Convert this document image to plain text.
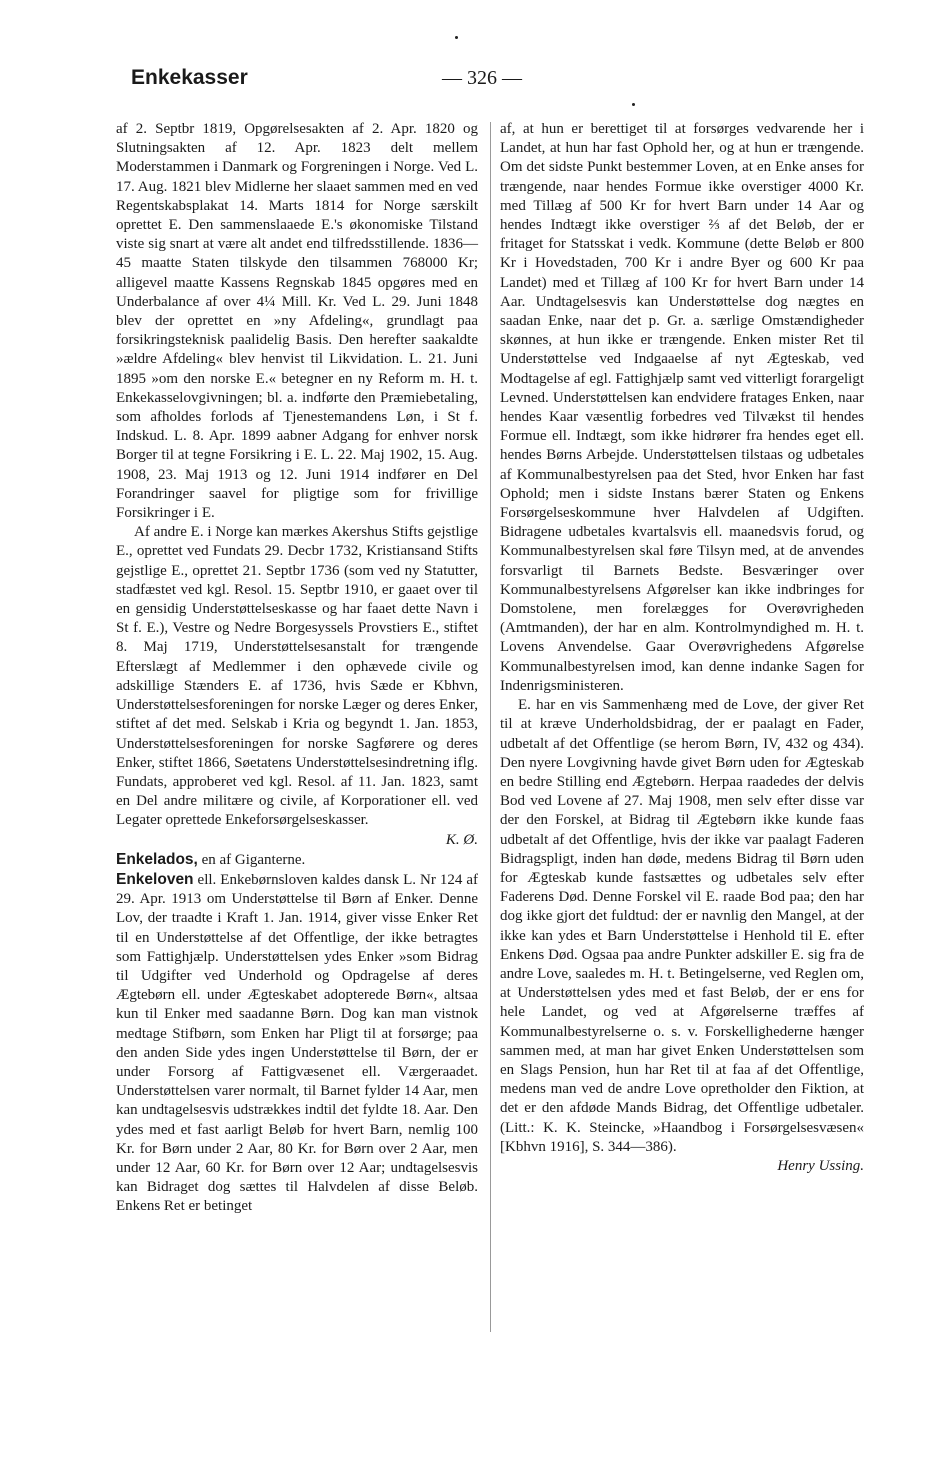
Enkekasser	— 326 —

af 2. Septbr 1819, Opgørelsesakten af 2. Apr. 1820 og Slutningsakten af 12. Apr. 1823 delt mellem Moderstammen i Danmark og Forgreningen i Norge. Ved L. 17. Aug. 1821 blev Midlerne her slaaet sammen med en ved Regentskabsplakat 14. Marts 1814 for Norge særskilt oprettet E. Den sammenslaaede E.'s økonomiske Tilstand viste sig snart at være alt andet end tilfredsstillende. 1836—45 maatte Staten tilskyde den tilsammen 768000 Kr; alligevel maatte Kassens Regnskab 1845 opgøres med en Underbalance af over 4¼ Mill. Kr. Ved L. 29. Juni 1848 blev der oprettet en »ny Afdeling«, grundlagt paa forsikringsteknisk paalidelig Basis. Den herefter saakaldte »ældre Afdeling« blev henvist til Likvidation. L. 21. Juni 1895 »om den norske E.« betegner en ny Reform m. H. t. Enkekasselovgivningen; bl. a. indførte den Præmiebetaling, som afholdes forlods af Tjenestemandens Løn, i St f. Indskud. L. 8. Apr. 1899 aabner Adgang for enhver norsk Borger til at tegne Forsikring i E. L. 22. Maj 1902, 15. Aug. 1908, 23. Maj 1913 og 12. Juni 1914 indfører en Del Forandringer saavel for pligtige som for frivillige Forsikringer i E.

Af andre E. i Norge kan mærkes Akershus Stifts gejstlige E., oprettet ved Fundats 29. Decbr 1732, Kristiansand Stifts gejstlige E., oprettet 21. Septbr 1736 (som ved ny Statutter, stadfæstet ved kgl. Resol. 15. Septbr 1910, er gaaet over til en gensidig Understøttelseskasse og har faaet dette Navn i St f. E.), Vestre og Nedre Borgesyssels Provstiers E., stiftet 8. Maj 1719, Understøttelsesanstalt for trængende Efterslægt af Medlemmer i den ophævede civile og adskillige Stænders E. af 1736, hvis Sæde er Kbhvn, Understøttelsesforeningen for norske Læger og deres Enker, stiftet af det med. Selskab i Kria og begyndt 1. Jan. 1853, Understøttelsesforeningen for norske Sagførere og deres Enker, stiftet 1866, Søetatens Understøttelsesindretning iflg. Fundats, approberet ved kgl. Resol. af 11. Jan. 1823, samt en Del andre militære og civile, af Korporationer ell. ved Legater oprettede Enkeforsørgelseskasser.

K. Ø.

Enkelados, en af Giganterne.

Enkeloven ell. Enkebørnsloven kaldes dansk L. Nr 124 af 29. Apr. 1913 om Understøttelse til Børn af Enker. Denne Lov, der traadte i Kraft 1. Jan. 1914, giver visse Enker Ret til en Understøttelse af det Offentlige, der ikke betragtes som Fattighjælp. Understøttelsen ydes Enker »som Bidrag til Udgifter ved Underhold og Opdragelse af deres Ægtebørn ell. under Ægteskabet adopterede Børn«, altsaa kun til Enker med saadanne Børn. Dog kan man vistnok medtage Stifbørn, som Enken har Pligt til at forsørge; paa den anden Side ydes ingen Understøttelse til Børn, der er under Forsorg af Fattigvæsenet ell. Værgeraadet. Understøttelsen varer normalt, til Barnet fylder 14 Aar, men kan undtagelsesvis udstrækkes indtil det fyldte 18. Aar. Den ydes med et fast aarligt Beløb for hvert Barn, nemlig 100 Kr. for Børn under 2 Aar, 80 Kr. for Børn over 2 Aar, men under 12 Aar, 60 Kr. for Børn over 12 Aar; undtagelsesvis kan Bidraget dog sættes til Halvdelen af disse Beløb. Enkens Ret er betinget

af, at hun er berettiget til at forsørges vedvarende her i Landet, at hun har fast Ophold her, og at hun er trængende. Om det sidste Punkt bestemmer Loven, at en Enke anses for trængende, naar hendes Formue ikke overstiger 4000 Kr. med Tillæg af 500 Kr for hvert Barn under 14 Aar og hendes Indtægt ikke overstiger ⅔ af det Beløb, der er fritaget for Statsskat i vedk. Kommune (dette Beløb er 800 Kr i Hovedstaden, 700 Kr i andre Byer og 600 Kr paa Landet) med et Tillæg af 100 Kr for hvert Barn under 14 Aar. Undtagelsesvis kan Understøttelse dog nægtes en saadan Enke, naar det p. Gr. a. særlige Omstændigheder skønnes, at hun ikke er trængende. Enken mister Ret til Understøttelse ved Indgaaelse af nyt Ægteskab, ved Modtagelse af egl. Fattighjælp samt ved vitterligt forargeligt Levned. Understøttelsen kan endvidere fratages Enken, naar hendes Kaar væsentlig forbedres ved Tilvækst til hendes Formue ell. Indtægt, som ikke hidrører fra hendes eget ell. hendes Børns Arbejde. Understøttelsen tilstaas og udbetales af Kommunalbestyrelsen paa det Sted, hvor Enken har fast Ophold; men i sidste Instans bærer Staten og Enkens Forsørgelseskommune hver Halvdelen af Udgiften. Bidragene udbetales kvartalsvis ell. maanedsvis forud, og Kommunalbestyrelsen skal føre Tilsyn med, at de anvendes forsvarligt til Barnets Bedste. Besværinger over Kommunalbestyrelsens Afgørelser kan ikke indbringes for Domstolene, men forelægges for Overøvrigheden (Amtmanden), der har en alm. Kontrolmyndighed m. H. t. Lovens Anvendelse. Gaar Overøvrighedens Afgørelse Kommunalbestyrelsen imod, kan denne indanke Sagen for Indenrigsministeren.

E. har en vis Sammenhæng med de Love, der giver Ret til at kræve Underholdsbidrag, der er paalagt en Fader, udbetalt af det Offentlige (se herom Børn, IV, 432 og 434). Den nyere Lovgivning havde givet Børn uden for Ægteskab en bedre Stilling end Ægtebørn. Herpaa raadedes der delvis Bod ved Lovene af 27. Maj 1908, men selv efter disse var der den Forskel, at Bidrag til Ægtebørn ikke kunde faas udbetalt af det Offentlige, hvis der ikke var paalagt Faderen Bidragspligt, inden han døde, medens Bidrag til Børn uden for Ægteskab kunde fastsættes og udbetales selv efter Faderens Død. Denne Forskel vil E. raade Bod paa; den har dog ikke gjort det fuldtud: der er navnlig den Mangel, at der ikke kan ydes et Barn Understøttelse i Henhold til E. efter Enkens Død. Ogsaa paa andre Punkter adskiller E. sig fra de andre Love, saaledes m. H. t. Betingelserne, ved Reglen om, at Understøttelsen ydes med et fast Beløb, der er ens for hele Landet, og ved at Afgørelserne træffes af Kommunalbestyrelserne o. s. v. Forskellighederne hænger sammen med, at man har givet Enken Understøttelsen som en Slags Pension, hun har Ret til at faa af det Offentlige, medens man ved de andre Love opretholder den Fiktion, at det er den afdøde Mands Bidrag, det Offentlige udbetaler. (Litt.: K. K. Steincke, »Haandbog i Forsørgelsesvæsen« [Kbhvn 1916], S. 344—386).

Henry Ussing.
